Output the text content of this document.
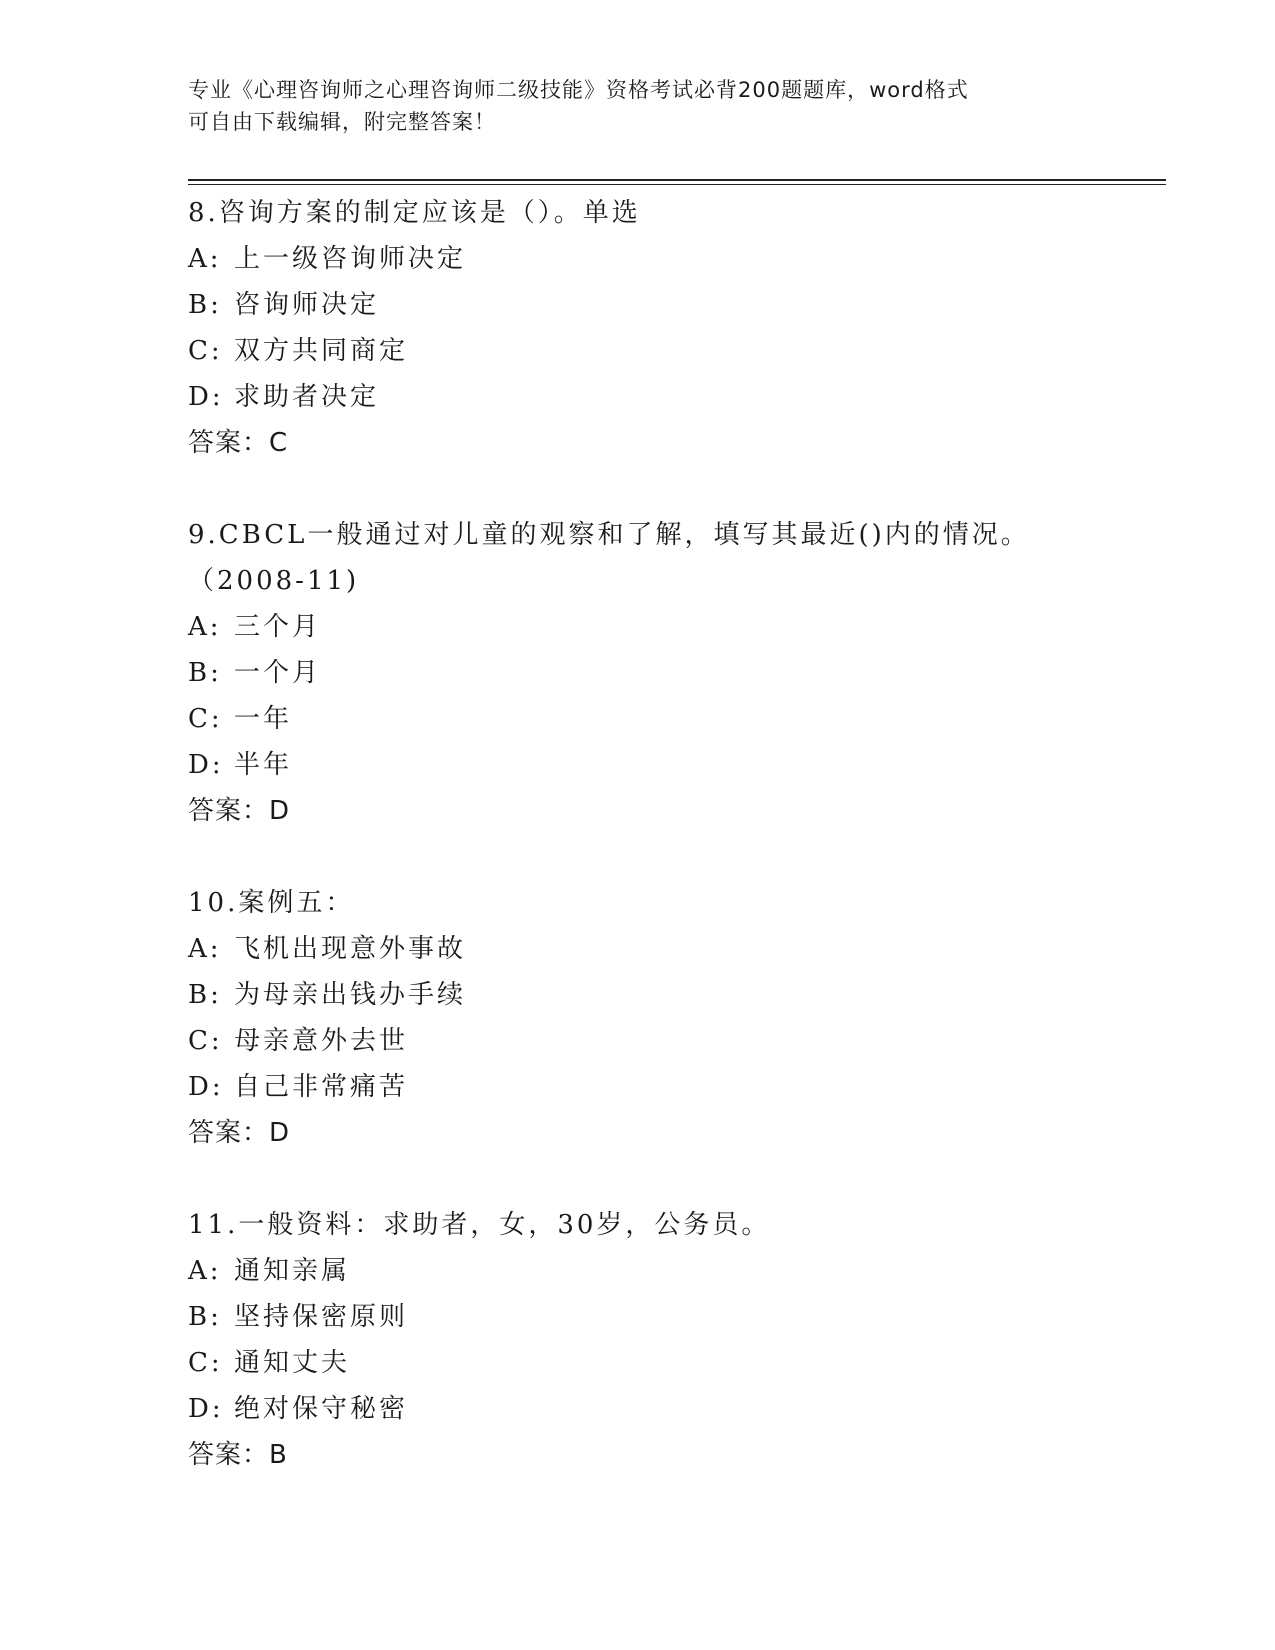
专业《心理咨询师之心理咨询师二级技能》资格考试必背200题题库，word格式
可自由下载编辑，附完整答案！
8.咨询方案的制定应该是（）。单选
A: 上一级咨询师决定
B: 咨询师决定
C: 双方共同商定
D: 求助者决定
答案：C
9.CBCL一般通过对儿童的观察和了解，填写其最近()内的情况。（2008-11)
A: 三个月
B: 一个月
C: 一年
D: 半年
答案：D
10.案例五：
A: 飞机出现意外事故
B: 为母亲出钱办手续
C: 母亲意外去世
D: 自己非常痛苦
答案：D
11.一般资料：求助者，女，30岁，公务员。
A: 通知亲属
B: 坚持保密原则
C: 通知丈夫
D: 绝对保守秘密
答案：B
